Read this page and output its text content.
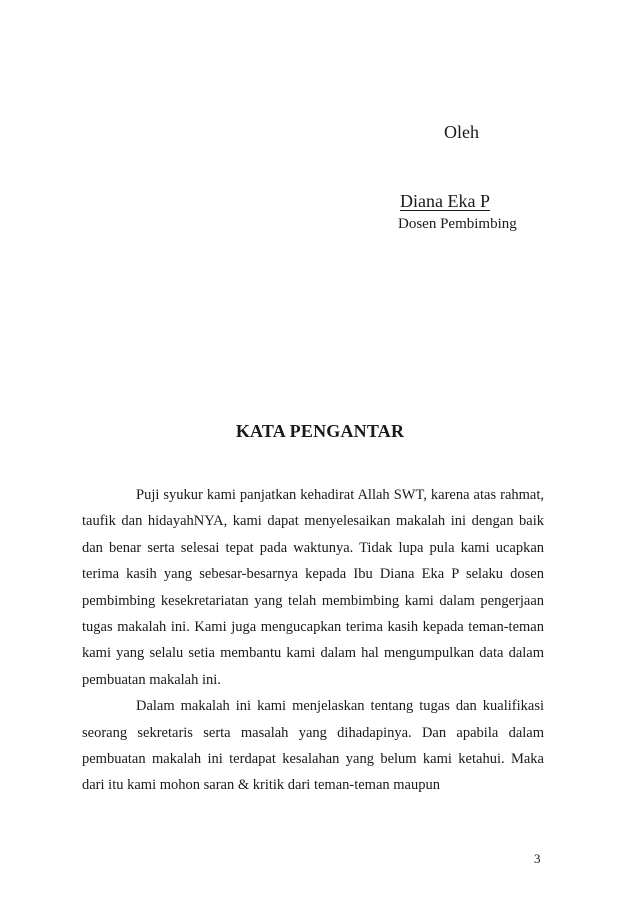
Oleh
Diana Eka P
Dosen Pembimbing
KATA PENGANTAR

Puji syukur kami panjatkan kehadirat Allah SWT, karena atas rahmat, taufik dan hidayahNYA, kami dapat menyelesaikan makalah ini dengan baik dan benar serta selesai tepat pada waktunya. Tidak lupa pula kami ucapkan terima kasih yang sebesar-besarnya kepada Ibu Diana Eka P selaku dosen pembimbing kesekretariatan yang telah membimbing kami dalam pengerjaan tugas makalah ini. Kami juga mengucapkan terima kasih kepada teman-teman kami yang selalu setia membantu kami dalam hal mengumpulkan data dalam pembuatan makalah ini.

Dalam makalah ini kami menjelaskan tentang tugas dan kualifikasi seorang sekretaris serta masalah yang dihadapinya. Dan apabila dalam pembuatan makalah ini terdapat kesalahan yang belum kami ketahui. Maka dari itu kami mohon saran & kritik dari teman-teman maupun

3
